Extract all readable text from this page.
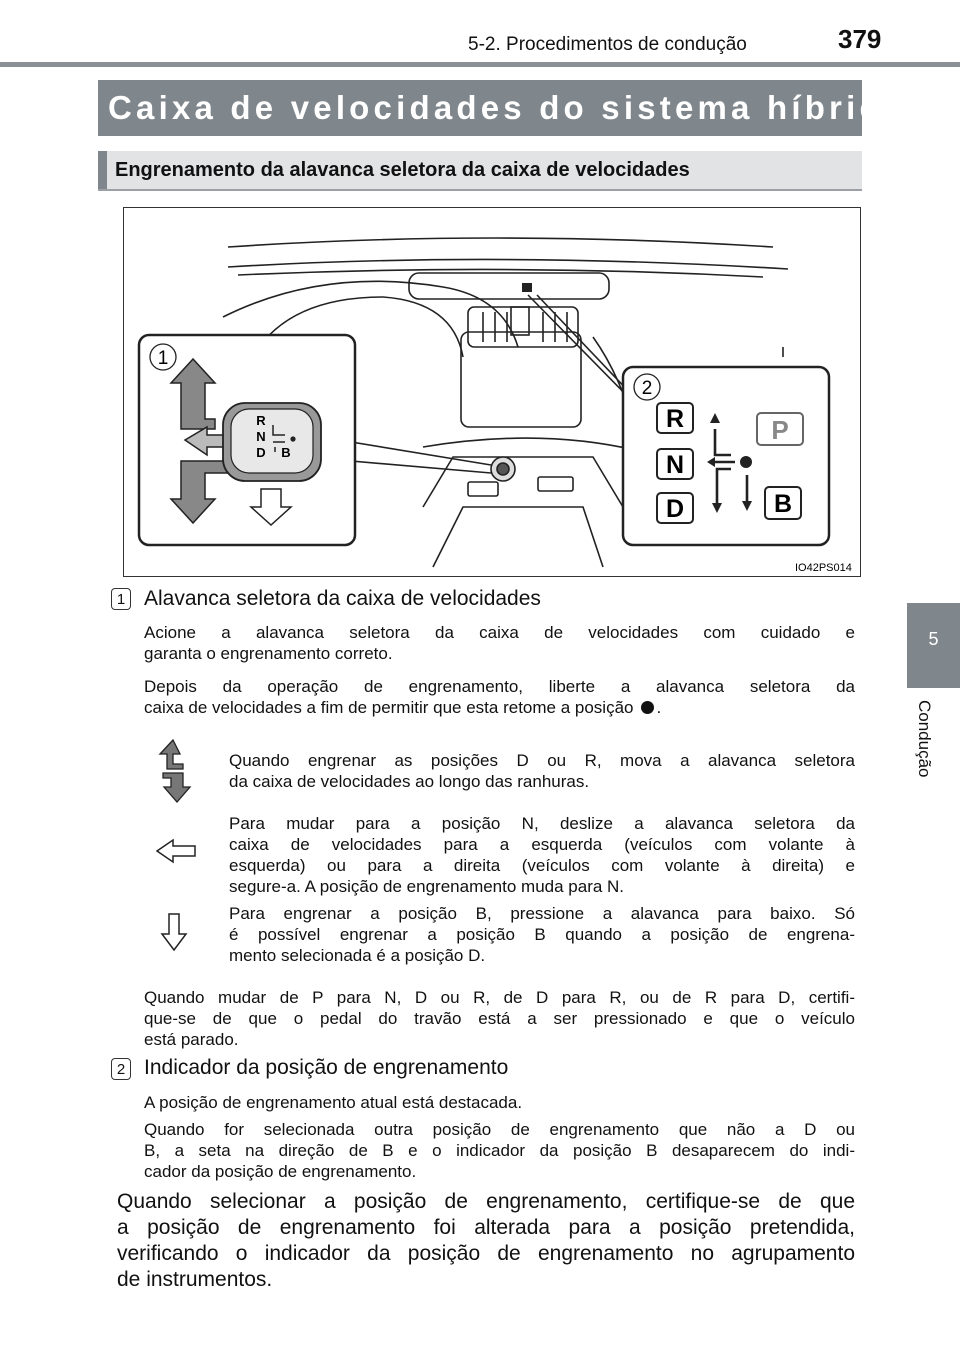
5-2. Procedimentos de condução	379
Caixa de velocidades do sistema híbrido
Engrenamento da alavanca seletora da caixa de velocidades
5
Condução
1
R
N
D B
2
R
N
D
P
B
IO42PS014
1 Alavanca seletora da caixa de velocidades
Acione a alavanca seletora da caixa de velocidades com cuidado e
garanta o engrenamento correto.
Depois da operação de engrenamento, liberte a alavanca seletora da
caixa de velocidades a fim de permitir que esta retome a posição .
Quando engrenar as posições D ou R, mova a alavanca seletora
da caixa de velocidades ao longo das ranhuras.
Para mudar para a posição N, deslize a alavanca seletora da
caixa de velocidades para a esquerda (veículos com volante à
esquerda) ou para a direita (veículos com volante à direita) e
segure-a. A posição de engrenamento muda para N.
Para engrenar a posição B, pressione a alavanca para baixo. Só
é possível engrenar a posição B quando a posição de engrena-
mento selecionada é a posição D.
Quando mudar de P para N, D ou R, de D para R, ou de R para D, certifi-
que-se de que o pedal do travão está a ser pressionado e que o veículo
está parado.
2 Indicador da posição de engrenamento
A posição de engrenamento atual está destacada.
Quando for selecionada outra posição de engrenamento que não a D ou
B, a seta na direção de B e o indicador da posição B desaparecem do indi-
cador da posição de engrenamento.
Quando selecionar a posição de engrenamento, certifique-se de que
a posição de engrenamento foi alterada para a posição pretendida,
verificando o indicador da posição de engrenamento no agrupamento
de instrumentos.
